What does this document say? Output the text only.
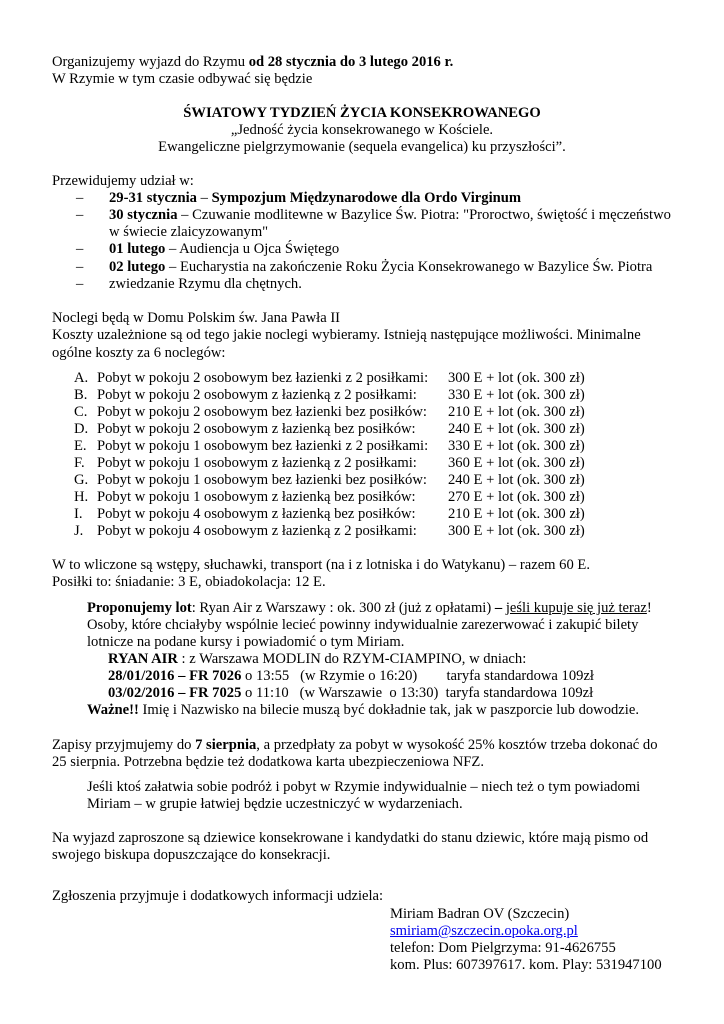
Organizujemy wyjazd do Rzymu od 28 stycznia do 3 lutego 2016 r.
W Rzymie w tym czasie odbywać się będzie
ŚWIATOWY TYDZIEŃ ŻYCIA KONSEKROWANEGO
„Jedność życia konsekrowanego w Kościele.
Ewangeliczne pielgrzymowanie (sequela evangelica) ku przyszłości”.
Przewidujemy udział w:
– 29-31 stycznia – Sympozjum Międzynarodowe dla Ordo Virginum
– 30 stycznia – Czuwanie modlitewne w Bazylice Św. Piotra: "Proroctwo, świętość i męczeństwo
w świecie zlaicyzowanym"
– 01 lutego – Audiencja u Ojca Świętego
– 02 lutego – Eucharystia na zakończenie Roku Życia Konsekrowanego w Bazylice Św. Piotra
– zwiedzanie Rzymu dla chętnych.
Noclegi będą w Domu Polskim św. Jana Pawła II
Koszty uzależnione są od tego jakie noclegi wybieramy. Istnieją następujące możliwości. Minimalne
ogólne koszty za 6 noclegów:
A. Pobyt w pokoju 2 osobowym bez łazienki z 2 posiłkami: 300 E + lot (ok. 300 zł)
B. Pobyt w pokoju 2 osobowym z łazienką z 2 posiłkami: 330 E + lot (ok. 300 zł)
C. Pobyt w pokoju 2 osobowym bez łazienki bez posiłków: 210 E + lot (ok. 300 zł)
D. Pobyt w pokoju 2 osobowym z łazienką bez posiłków: 240 E + lot (ok. 300 zł)
E. Pobyt w pokoju 1 osobowym bez łazienki z 2 posiłkami: 330 E + lot (ok. 300 zł)
F. Pobyt w pokoju 1 osobowym z łazienką z 2 posiłkami: 360 E + lot (ok. 300 zł)
G. Pobyt w pokoju 1 osobowym bez łazienki bez posiłków: 240 E + lot (ok. 300 zł)
H. Pobyt w pokoju 1 osobowym z łazienką bez posiłków: 270 E + lot (ok. 300 zł)
I. Pobyt w pokoju 4 osobowym z łazienką bez posiłków: 210 E + lot (ok. 300 zł)
J. Pobyt w pokoju 4 osobowym z łazienką z 2 posiłkami: 300 E + lot (ok. 300 zł)
W to wliczone są wstępy, słuchawki, transport (na i z lotniska i do Watykanu) – razem 60 E.
Posiłki to: śniadanie: 3 E, obiadokolacja: 12 E.
Proponujemy lot: Ryan Air z Warszawy : ok. 300 zł (już z opłatami) – jeśli kupuje się już teraz!
Osoby, które chciałyby wspólnie lecieć powinny indywidualnie zarezerwować i zakupić bilety
lotnicze na podane kursy i powiadomić o tym Miriam.
RYAN AIR : z Warszawa MODLIN do RZYM-CIAMPINO, w dniach:
28/01/2016 – FR 7026 o 13:55   (w Rzymie o 16:20)        taryfa standardowa 109zł
03/02/2016 – FR 7025 o 11:10   (w Warszawie  o 13:30)  taryfa standardowa 109zł
Ważne!! Imię i Nazwisko na bilecie muszą być dokładnie tak, jak w paszporcie lub dowodzie.
Zapisy przyjmujemy do 7 sierpnia, a przedpłaty za pobyt w wysokość 25% kosztów trzeba dokonać do
25 sierpnia. Potrzebna będzie też dodatkowa karta ubezpieczeniowa NFZ.
Jeśli ktoś załatwia sobie podróż i pobyt w Rzymie indywidualnie – niech też o tym powiadomi
Miriam – w grupie łatwiej będzie uczestniczyć w wydarzeniach.
Na wyjazd zaproszone są dziewice konsekrowane i kandydatki do stanu dziewic, które mają pismo od
swojego biskupa dopuszczające do konsekracji.
Zgłoszenia przyjmuje i dodatkowych informacji udziela:
Miriam Badran OV (Szczecin)
smiriam@szczecin.opoka.org.pl
telefon: Dom Pielgrzyma: 91-4626755
kom. Plus: 607397617. kom. Play: 531947100
